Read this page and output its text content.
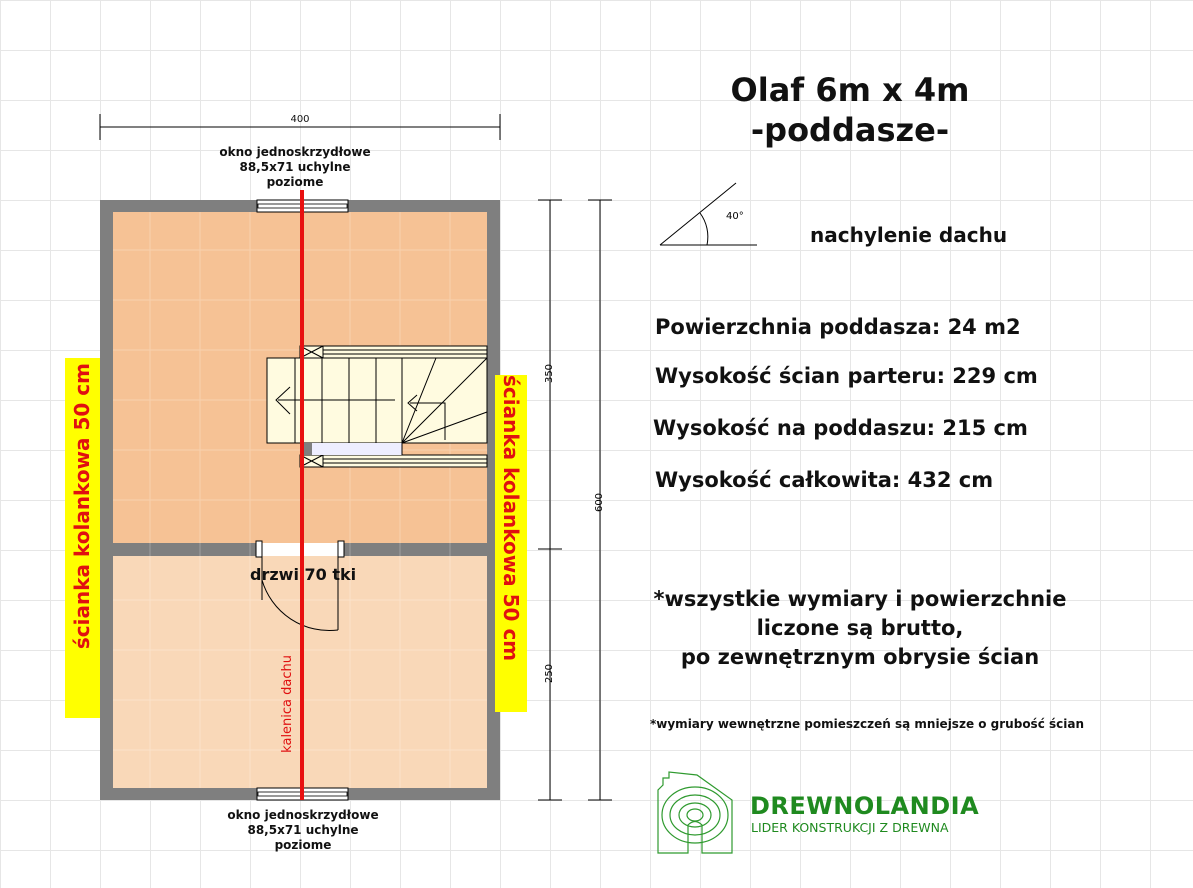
400
350
250
600
okno jednoskrzydłowe
88,5x71 uchylne
poziome
okno jednoskrzydłowe
88,5x71 uchylne
poziome
drzwi 70 tki
kalenica dachu
ścianka kolankowa 50 cm	ścianka kolankowa 50 cm
Olaf 6m x 4m
-poddasze-
40°
nachylenie dachu
Powierzchnia poddasza: 24 m2
Wysokość ścian parteru: 229 cm
Wysokość na poddaszu: 215 cm
Wysokość całkowita: 432 cm
*wszystkie wymiary i powierzchnie
liczone są brutto,
po zewnętrznym obrysie ścian
*wymiary wewnętrzne pomieszczeń są mniejsze o grubość ścian
DREWNOLANDIA
LIDER KONSTRUKCJI Z DREWNA
